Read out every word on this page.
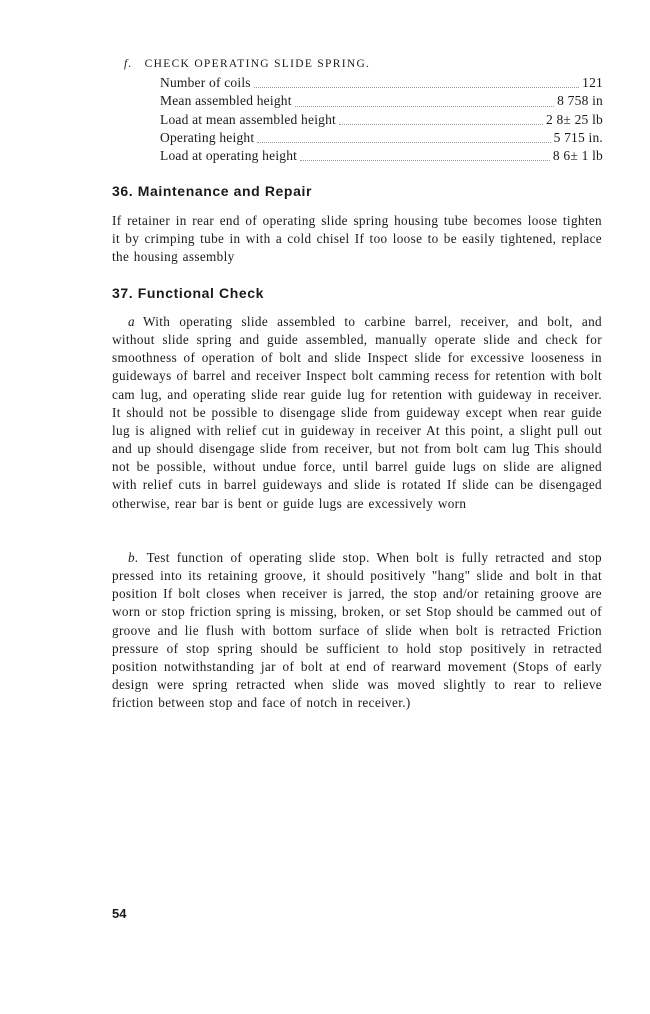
f. CHECK OPERATING SLIDE SPRING.
Number of coils	121
Mean assembled height	8 758 in
Load at mean assembled height	2 8± 25 lb
Operating height	5 715 in.
Load at operating height	8 6± 1 lb
36. Maintenance and Repair

If retainer in rear end of operating slide spring housing tube becomes loose tighten it by crimping tube in with a cold chisel If too loose to be easily tightened, replace the housing assembly

37. Functional Check

a With operating slide assembled to carbine barrel, receiver, and bolt, and without slide spring and guide assembled, manually operate slide and check for smoothness of operation of bolt and slide Inspect slide for excessive looseness in guideways of barrel and receiver Inspect bolt camming recess for retention with bolt cam lug, and operating slide rear guide lug for retention with guideway in receiver. It should not be possible to disengage slide from guideway except when rear guide lug is aligned with relief cut in guideway in receiver At this point, a slight pull out and up should disengage slide from receiver, but not from bolt cam lug This should not be possible, without undue force, until barrel guide lugs on slide are aligned with relief cuts in barrel guideways and slide is rotated If slide can be disengaged otherwise, rear bar is bent or guide lugs are excessively worn

b. Test function of operating slide stop. When bolt is fully retracted and stop pressed into its retaining groove, it should positively "hang" slide and bolt in that position If bolt closes when receiver is jarred, the stop and/or retaining groove are worn or stop friction spring is missing, broken, or set Stop should be cammed out of groove and lie flush with bottom surface of slide when bolt is retracted Friction pressure of stop spring should be sufficient to hold stop positively in retracted position notwithstanding jar of bolt at end of rearward movement (Stops of early design were spring retracted when slide was moved slightly to rear to relieve friction between stop and face of notch in receiver.)

54
